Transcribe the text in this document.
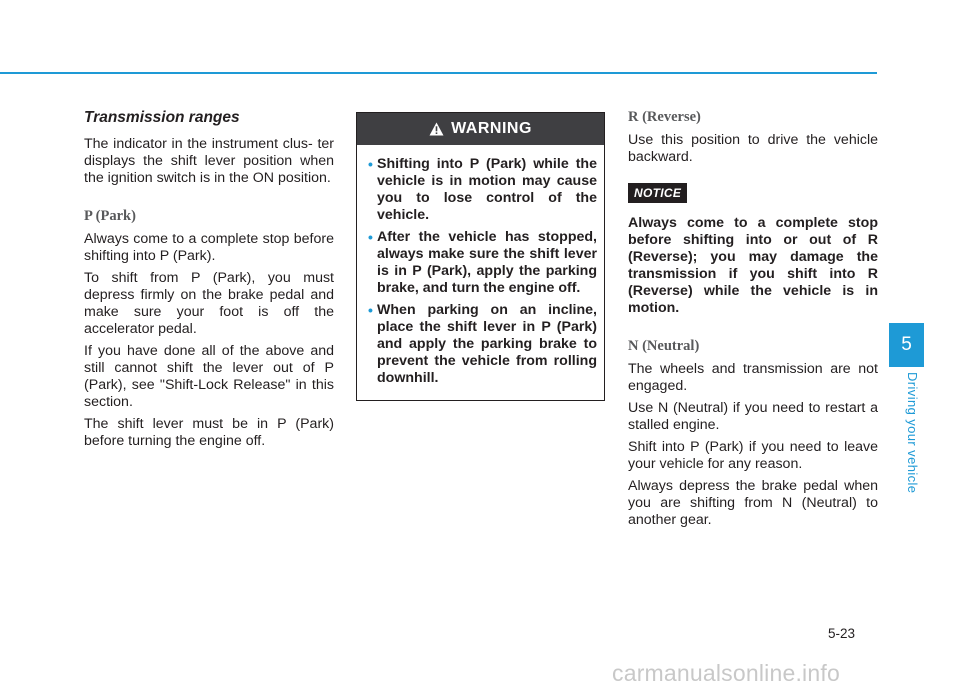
Transmission ranges

The indicator in the instrument clus- ter displays the shift lever position when the ignition switch is in the ON position.

P (Park)

Always come to a complete stop before shifting into P (Park).

To shift from P (Park), you must depress firmly on the brake pedal and make sure your foot is off the accelerator pedal.

If you have done all of the above and still cannot shift the lever out of P (Park), see "Shift-Lock Release" in this section.

The shift lever must be in P (Park) before turning the engine off.

WARNING
• Shifting into P (Park) while the vehicle is in motion may cause you to lose control of the vehicle.
• After the vehicle has stopped, always make sure the shift lever is in P (Park), apply the parking brake, and turn the engine off.
• When parking on an incline, place the shift lever in P (Park) and apply the parking brake to prevent the vehicle from rolling downhill.
R (Reverse)

Use this position to drive the vehicle backward.

NOTICE

Always come to a complete stop before shifting into or out of R (Reverse); you may damage the transmission if you shift into R (Reverse) while the vehicle is in motion.

N (Neutral)

The wheels and transmission are not engaged.

Use N (Neutral) if you need to restart a stalled engine.

Shift into P (Park) if you need to leave your vehicle for any reason.

Always depress the brake pedal when you are shifting from N (Neutral) to another gear.

5
Driving your vehicle
5-23
carmanualsonline.info
